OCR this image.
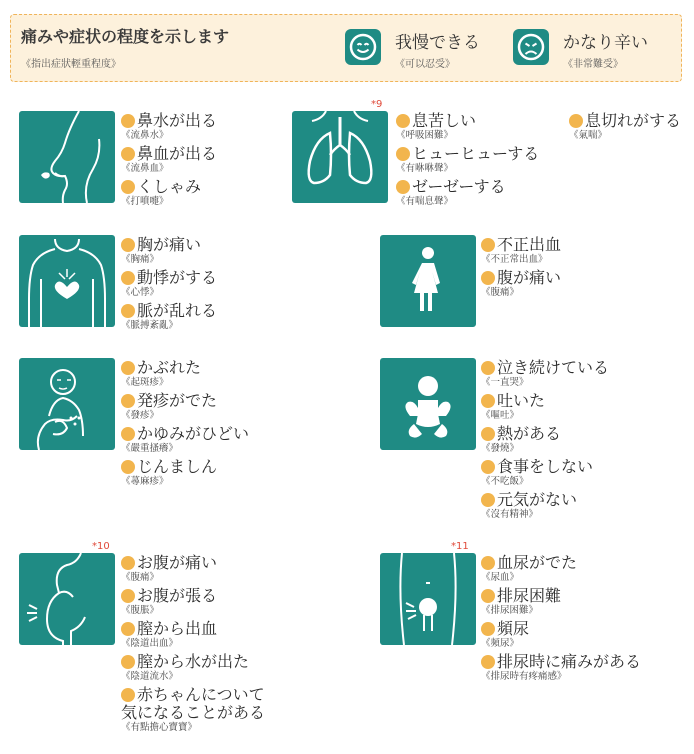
痛みや症状の程度を示します
《指出症狀輕重程度》
我慢できる
《可以忍受》
かなり辛い
《非常難受》
鼻水が出る
《流鼻水》
鼻血が出る
《流鼻血》
くしゃみ
《打噴嚏》
*9
息苦しい
《呼吸困難》
息切れがする
《氣喘》
ヒューヒューする
《有咻咻聲》
ゼーゼーする
《有喘息聲》
胸が痛い
《胸痛》
動悸がする
《心悸》
脈が乱れる
《脈搏紊亂》
不正出血
《不正常出血》
腹が痛い
《腹痛》
かぶれた
《起斑疹》
発疹がでた
《發疹》
かゆみがひどい
《嚴重搔癢》
じんましん
《蕁麻疹》
泣き続けている
《一直哭》
吐いた
《嘔吐》
熱がある
《發燒》
食事をしない
《不吃飯》
元気がない
《沒有精神》
*10
お腹が痛い
《腹痛》
お腹が張る
《腹脹》
膣から出血
《陰道出血》
膣から水が出た
《陰道流水》
赤ちゃんについて
気になることがある
《有點擔心寶寶》
*11
血尿がでた
《尿血》
排尿困難
《排尿困難》
頻尿
《頻尿》
排尿時に痛みがある
《排尿時有疼痛感》
